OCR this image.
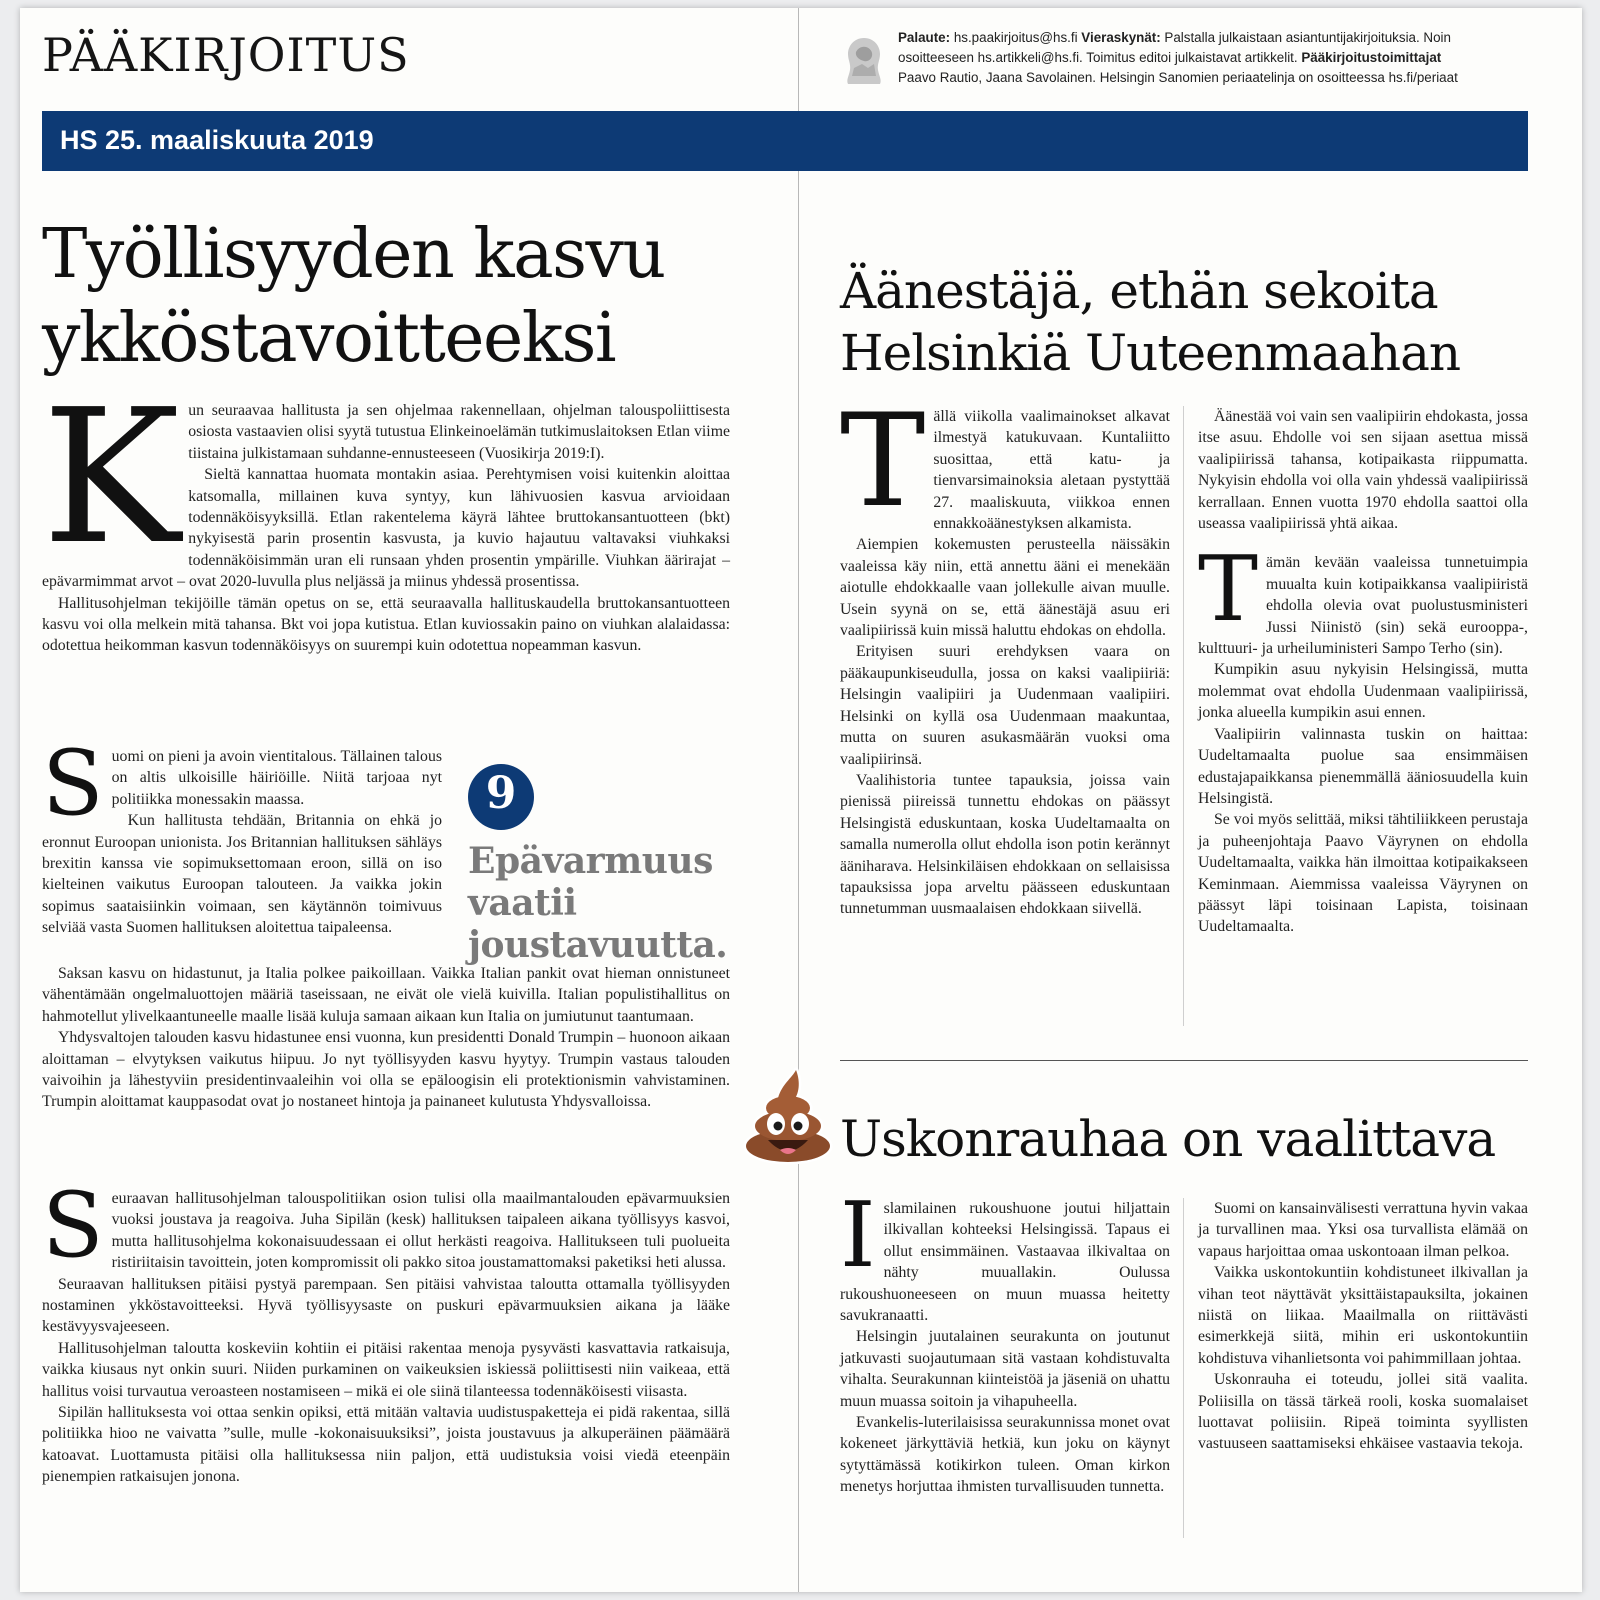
PÄÄKIRJOITUS	Palaute: hs.paakirjoitus@hs.fi Vieraskynät: Palstalla julkaistaan asiantuntijakirjoituksia. Noin
osoitteeseen hs.artikkeli@hs.fi. Toimitus editoi julkaistavat artikkelit. Pääkirjoitustoimittajat
Paavo Rautio, Jaana Savolainen. Helsingin Sanomien periaatelinja on osoitteessa hs.fi/periaat
HS 25. maaliskuuta 2019
Työllisyyden kasvu
ykköstavoitteeksi
K un seuraavaa hallitusta ja sen ohjelmaa rakennellaan, ohjelman talouspoliittisesta osiosta vastaavien olisi syytä tutustua Elinkeinoelämän tutkimuslaitoksen Etlan viime tiistaina julkistamaan suhdanne-ennusteeseen (Vuosikirja 2019:I).

Sieltä kannattaa huomata montakin asiaa. Perehtymisen voisi kuitenkin aloittaa katsomalla, millainen kuva syntyy, kun lähivuosien kasvua arvioidaan todennäköisyyksillä. Etlan rakentelema käyrä lähtee bruttokansantuotteen (bkt) nykyisestä parin prosentin kasvusta, ja kuvio hajautuu valtavaksi viuhkaksi todennäköisimmän uran eli runsaan yhden prosentin ympärille. Viuhkan äärirajat – epävarmimmat arvot – ovat 2020-luvulla plus neljässä ja miinus yhdessä prosentissa.

Hallitusohjelman tekijöille tämän opetus on se, että seuraavalla hallituskaudella bruttokansantuotteen kasvu voi olla melkein mitä tahansa. Bkt voi jopa kutistua. Etlan kuviossakin paino on viuhkan alalaidassa: odotettua heikomman kasvun todennäköisyys on suurempi kuin odotettua nopeamman kasvun.

S uomi on pieni ja avoin vientitalous. Tällainen talous on altis ulkoisille häiriöille. Niitä tarjoaa nyt politiikka monessakin maassa.

Kun hallitusta tehdään, Britannia on ehkä jo eronnut Euroopan unionista. Jos Britannian hallituksen sähläys brexitin kanssa vie sopimuksettomaan eroon, sillä on iso kielteinen vaikutus Euroopan talouteen. Ja vaikka jokin sopimus saataisiinkin voimaan, sen käytännön toimivuus selviää vasta Suomen hallituksen aloitettua taipaleensa.

9
Epävarmuus vaatii joustavuutta.

Saksan kasvu on hidastunut, ja Italia polkee paikoillaan. Vaikka Italian pankit ovat hieman onnistuneet vähentämään ongelmaluottojen määriä taseissaan, ne eivät ole vielä kuivilla. Italian populistihallitus on hahmotellut ylivelkaantuneelle maalle lisää kuluja samaan aikaan kun Italia on jumiutunut taantumaan.

Yhdysvaltojen talouden kasvu hidastunee ensi vuonna, kun presidentti Donald Trumpin – huonoon aikaan aloittaman – elvytyksen vaikutus hiipuu. Jo nyt työllisyyden kasvu hyytyy. Trumpin vastaus talouden vaivoihin ja lähestyviin presidentinvaaleihin voi olla se epäloogisin eli protektionismin vahvistaminen. Trumpin aloittamat kauppasodat ovat jo nostaneet hintoja ja painaneet kulutusta Yhdysvalloissa.

S euraavan hallitusohjelman talouspolitiikan osion tulisi olla maailmantalouden epävarmuuksien vuoksi joustava ja reagoiva. Juha Sipilän (kesk) hallituksen taipaleen aikana työllisyys kasvoi, mutta hallitusohjelma kokonaisuudessaan ei ollut herkästi reagoiva. Hallitukseen tuli puolueita ristiriitaisin tavoittein, joten kompromissit oli pakko sitoa joustamattomaksi paketiksi heti alussa.

Seuraavan hallituksen pitäisi pystyä parempaan. Sen pitäisi vahvistaa taloutta ottamalla työllisyyden nostaminen ykköstavoitteeksi. Hyvä työllisyysaste on puskuri epävarmuuksien aikana ja lääke kestävyysvajeeseen.

Hallitusohjelman taloutta koskeviin kohtiin ei pitäisi rakentaa menoja pysyvästi kasvattavia ratkaisuja, vaikka kiusaus nyt onkin suuri. Niiden purkaminen on vaikeuksien iskiessä poliittisesti niin vaikeaa, että hallitus voisi turvautua veroasteen nostamiseen – mikä ei ole siinä tilanteessa todennäköisesti viisasta.

Sipilän hallituksesta voi ottaa senkin opiksi, että mitään valtavia uudistuspaketteja ei pidä rakentaa, sillä politiikka hioo ne vaivatta ”sulle, mulle -kokonaisuuksiksi”, joista joustavuus ja alkuperäinen päämäärä katoavat. Luottamusta pitäisi olla hallituksessa niin paljon, että uudistuksia voisi viedä eteenpäin pienempien ratkaisujen jonona.

Äänestäjä, ethän sekoita
Helsinkiä Uuteenmaahan
T ällä viikolla vaalimainokset alkavat ilmestyä katukuvaan. Kuntaliitto suosittaa, että katu- ja tienvarsimainoksia aletaan pystyttää 27. maaliskuuta, viikkoa ennen ennakkoäänestyksen alkamista.

Aiempien kokemusten perusteella näissäkin vaaleissa käy niin, että annettu ääni ei menekään aiotulle ehdokkaalle vaan jollekulle aivan muulle. Usein syynä on se, että äänestäjä asuu eri vaalipiirissä kuin missä haluttu ehdokas on ehdolla.

Erityisen suuri erehdyksen vaara on pääkaupunkiseudulla, jossa on kaksi vaalipiiriä: Helsingin vaalipiiri ja Uudenmaan vaalipiiri. Helsinki on kyllä osa Uudenmaan maakuntaa, mutta on suuren asukasmäärän vuoksi oma vaalipiirinsä.

Vaalihistoria tuntee tapauksia, joissa vain pienissä piireissä tunnettu ehdokas on päässyt Helsingistä eduskuntaan, koska Uudeltamaalta on samalla numerolla ollut ehdolla ison potin kerännyt ääniharava. Helsinkiläisen ehdokkaan on sellaisissa tapauksissa jopa arveltu päässeen eduskuntaan tunnetumman uusmaalaisen ehdokkaan siivellä.

Äänestää voi vain sen vaalipiirin ehdokasta, jossa itse asuu. Ehdolle voi sen sijaan asettua missä vaalipiirissä tahansa, kotipaikasta riippumatta. Nykyisin ehdolla voi olla vain yhdessä vaalipiirissä kerrallaan. Ennen vuotta 1970 ehdolla saattoi olla useassa vaalipiirissä yhtä aikaa.

T ämän kevään vaaleissa tunnetuimpia muualta kuin kotipaikkansa vaalipiiristä ehdolla olevia ovat puolustusministeri Jussi Niinistö (sin) sekä eurooppa-, kulttuuri- ja urheiluministeri Sampo Terho (sin).

Kumpikin asuu nykyisin Helsingissä, mutta molemmat ovat ehdolla Uudenmaan vaalipiirissä, jonka alueella kumpikin asui ennen.

Vaalipiirin valinnasta tuskin on haittaa: Uudeltamaalta puolue saa ensimmäisen edustajapaikkansa pienemmällä ääniosuudella kuin Helsingistä.

Se voi myös selittää, miksi tähtiliikkeen perustaja ja puheenjohtaja Paavo Väyrynen on ehdolla Uudeltamaalta, vaikka hän ilmoittaa kotipaikakseen Keminmaan. Aiemmissa vaaleissa Väyrynen on päässyt läpi toisinaan Lapista, toisinaan Uudeltamaalta.

Uskonrauhaa on vaalittava
I slamilainen rukoushuone joutui hiljattain ilkivallan kohteeksi Helsingissä. Tapaus ei ollut ensimmäinen. Vastaavaa ilkivaltaa on nähty muuallakin. Oulussa rukoushuoneeseen on muun muassa heitetty savukranaatti.

Helsingin juutalainen seurakunta on joutunut jatkuvasti suojautumaan sitä vastaan kohdistuvalta vihalta. Seurakunnan kiinteistöä ja jäseniä on uhattu muun muassa soitoin ja vihapuheella.

Evankelis-luterilaisissa seurakunnissa monet ovat kokeneet järkyttäviä hetkiä, kun joku on käynyt sytyttämässä kotikirkon tuleen. Oman kirkon menetys horjuttaa ihmisten turvallisuuden tunnetta.

Suomi on kansainvälisesti verrattuna hyvin vakaa ja turvallinen maa. Yksi osa turvallista elämää on vapaus harjoittaa omaa uskontoaan ilman pelkoa.

Vaikka uskontokuntiin kohdistuneet ilkivallan ja vihan teot näyttävät yksittäistapauksilta, jokainen niistä on liikaa. Maailmalla on riittävästi esimerkkejä siitä, mihin eri uskontokuntiin kohdistuva vihanlietsonta voi pahimmillaan johtaa.

Uskonrauha ei toteudu, jollei sitä vaalita. Poliisilla on tässä tärkeä rooli, koska suomalaiset luottavat poliisiin. Ripeä toiminta syyllisten vastuuseen saattamiseksi ehkäisee vastaavia tekoja.
